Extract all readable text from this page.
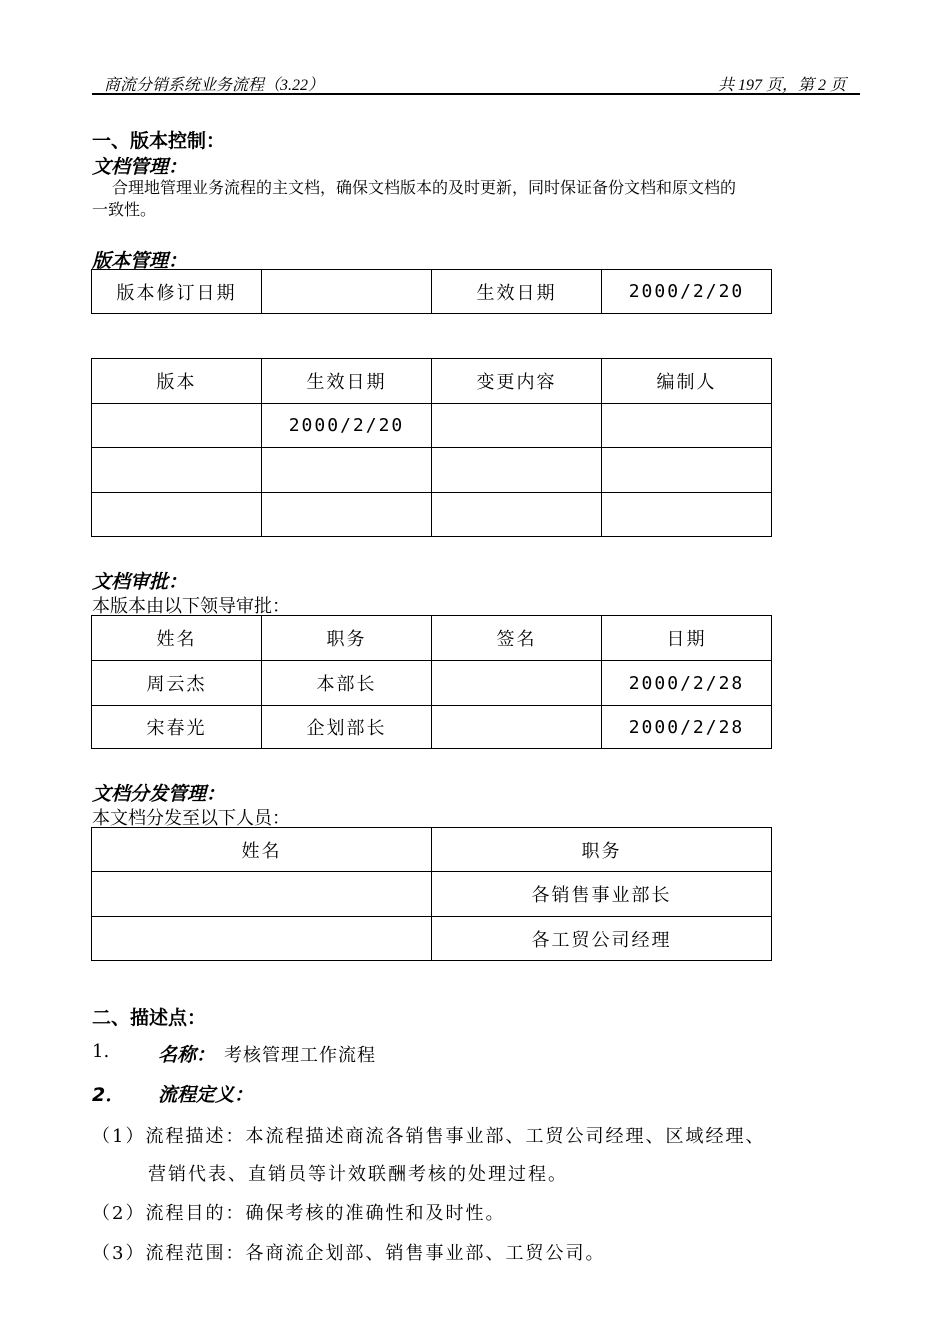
商流分销系统业务流程（3.22）	共 197 页，第 2 页
一、版本控制：
文档管理：
合理地管理业务流程的主文档，确保文档版本的及时更新，同时保证备份文档和原文档的
一致性。
版本管理：
版本修订日期		生效日期	2000/2/20
版本	生效日期	变更内容	编制人
	2000/2/20		

文档审批：
本版本由以下领导审批：
姓名	职务	签名	日期
周云杰	本部长		2000/2/28
宋春光	企划部长		2000/2/28
文档分发管理：
本文档分发至以下人员：
姓名	职务
	各销售事业部长
	各工贸公司经理
二、描述点：
1.	名称： 考核管理工作流程
2． 流程定义：
（1）流程描述：本流程描述商流各销售事业部、工贸公司经理、区域经理、
营销代表、直销员等计效联酬考核的处理过程。
（2）流程目的：确保考核的准确性和及时性。
（3）流程范围：各商流企划部、销售事业部、工贸公司。
